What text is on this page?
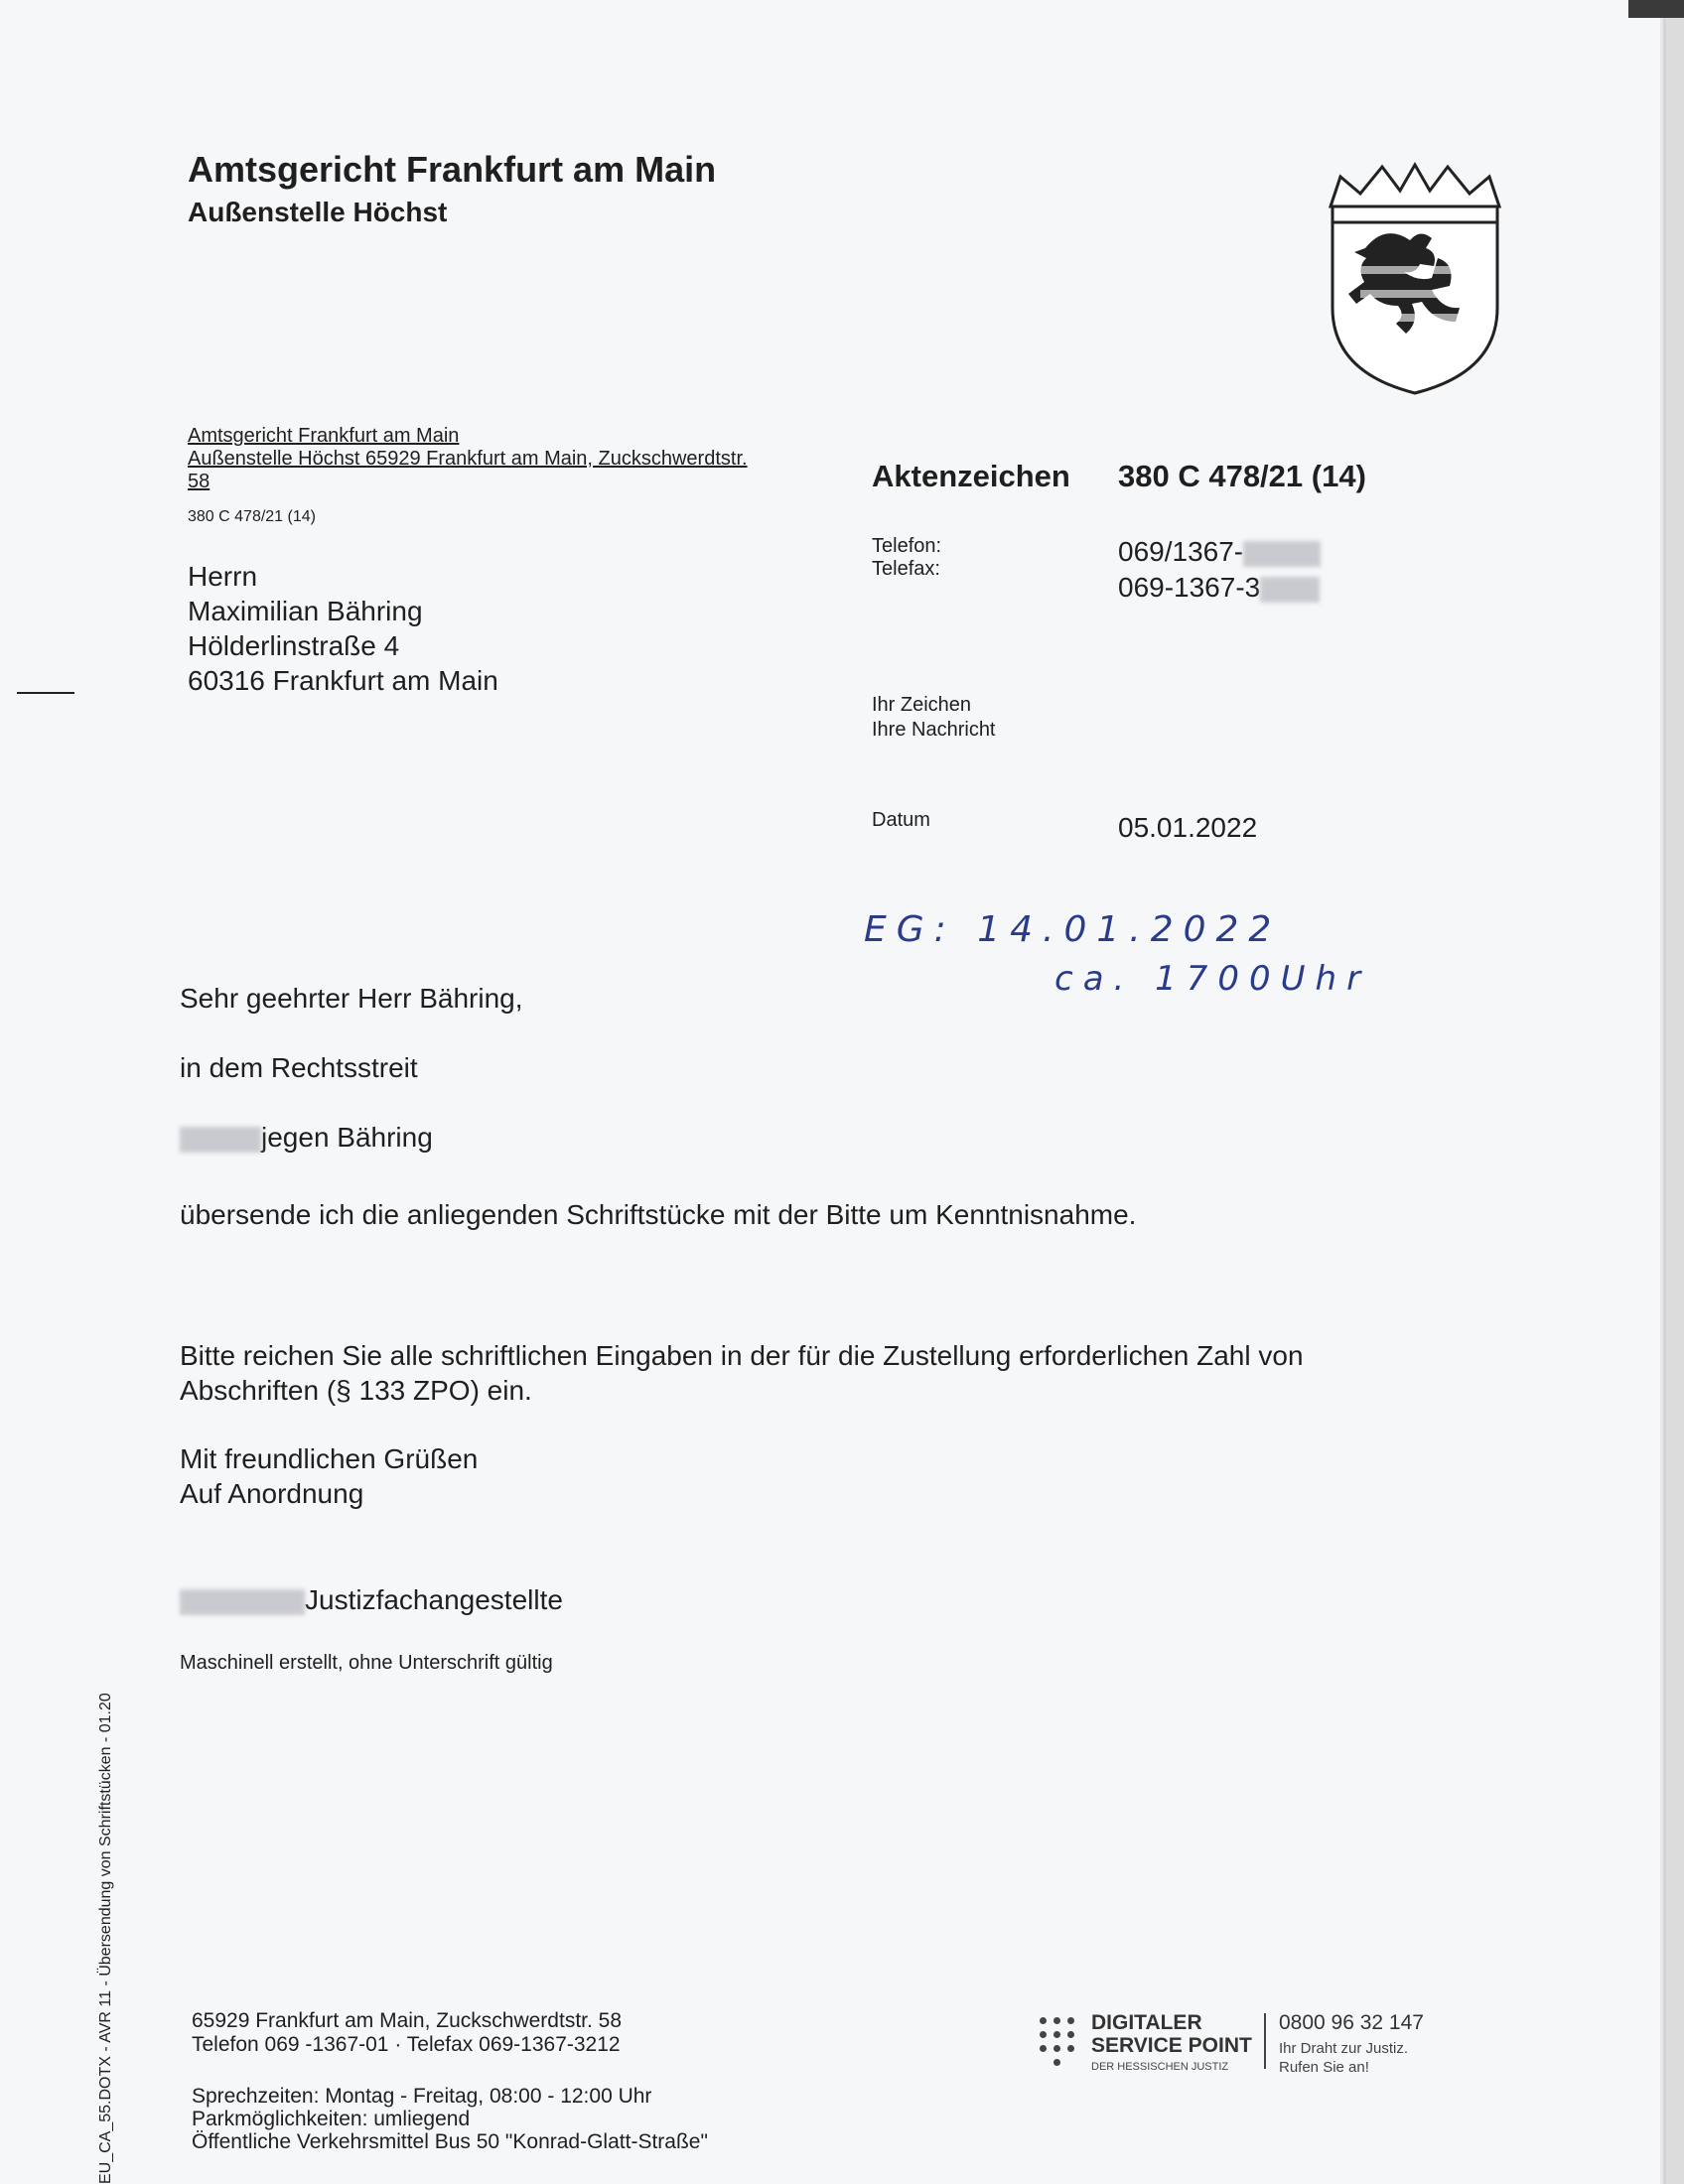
Amtsgericht Frankfurt am Main
Außenstelle Höchst
Amtsgericht Frankfurt am Main
Außenstelle Höchst 65929 Frankfurt am Main, Zuckschwerdtstr.
58
380 C 478/21 (14)
Herrn
Maximilian Bähring
Hölderlinstraße 4
60316 Frankfurt am Main
Aktenzeichen 380 C 478/21 (14)
Telefon:
Telefax:
069/1367-
069-1367-3
Ihr Zeichen
Ihre Nachricht
Datum	05.01.2022
EG: 14.01.2022
ca. 1700Uhr
Sehr geehrter Herr Bähring,
in dem Rechtsstreit
jegen Bähring
übersende ich die anliegenden Schriftstücke mit der Bitte um Kenntnisnahme.
Bitte reichen Sie alle schriftlichen Eingaben in der für die Zustellung erforderlichen Zahl von
Abschriften (§ 133 ZPO) ein.
Mit freundlichen Grüßen
Auf Anordnung
Justizfachangestellte
Maschinell erstellt, ohne Unterschrift gültig
65929 Frankfurt am Main, Zuckschwerdtstr. 58
Telefon 069 -1367-01 · Telefax 069-1367-3212
Sprechzeiten: Montag - Freitag, 08:00 - 12:00 Uhr
Parkmöglichkeiten: umliegend
Öffentliche Verkehrsmittel Bus 50 "Konrad-Glatt-Straße"
DIGITALER
SERVICE POINT
DER HESSISCHEN JUSTIZ
0800 96 32 147
Ihr Draht zur Justiz.
Rufen Sie an!
EU_CA_55.DOTX - AVR 11 - Übersendung von Schriftstücken - 01.20
